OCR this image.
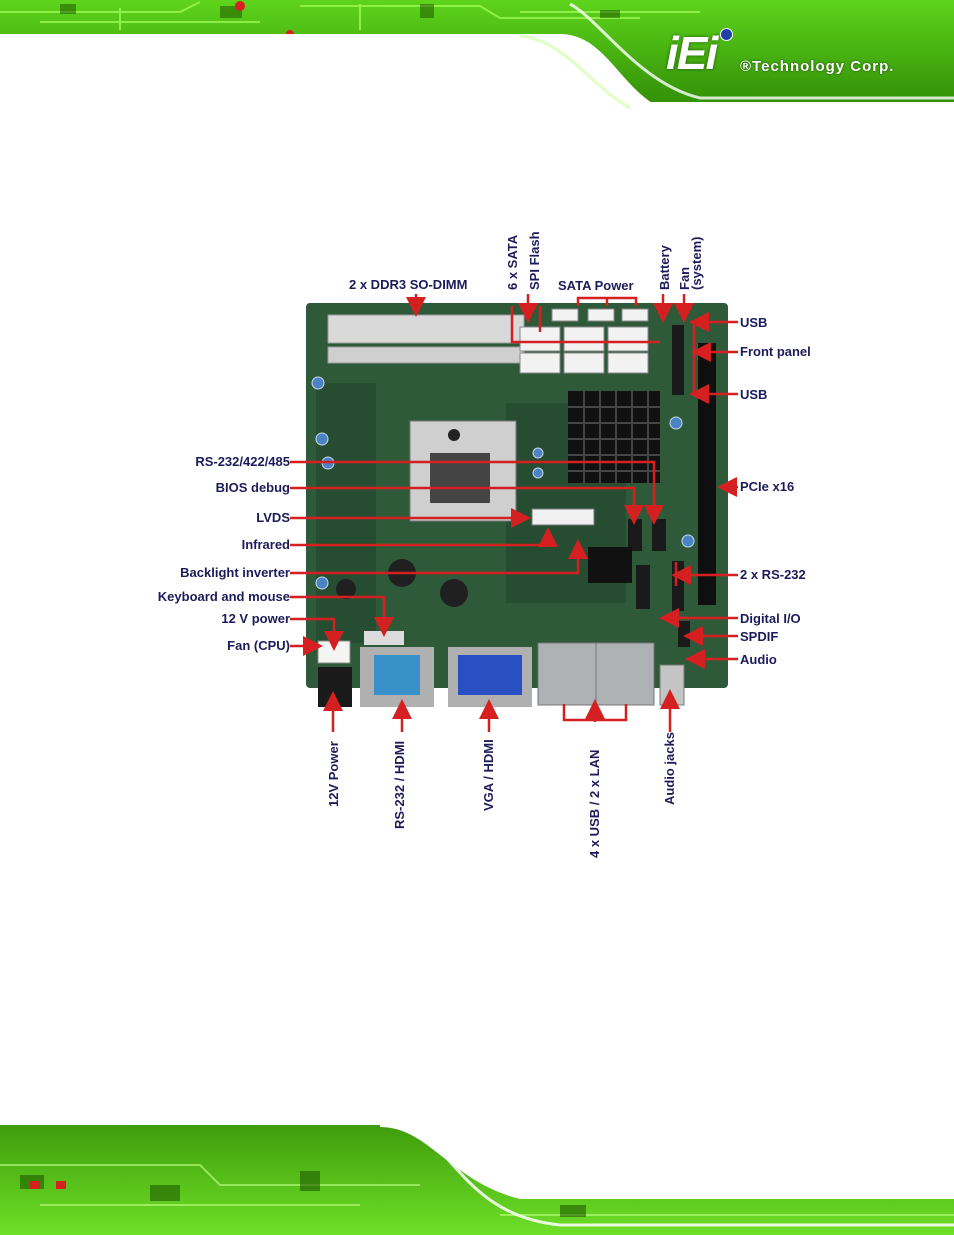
iEi ®Technology Corp.
2 x DDR3 SO-DIMM	SATA Power
6 x SATA SPI Flash	Battery Fan
(system)
RS-232/422/485
BIOS debug
LVDS
Infrared
Backlight inverter
Keyboard and mouse
12 V power
Fan (CPU)
USB
Front panel
USB
PCIe x16
2 x RS-232
Digital I/O
SPDIF
Audio
12V Power	RS-232 / HDMI	VGA / HDMI	4 x USB / 2 x LAN	Audio jacks
